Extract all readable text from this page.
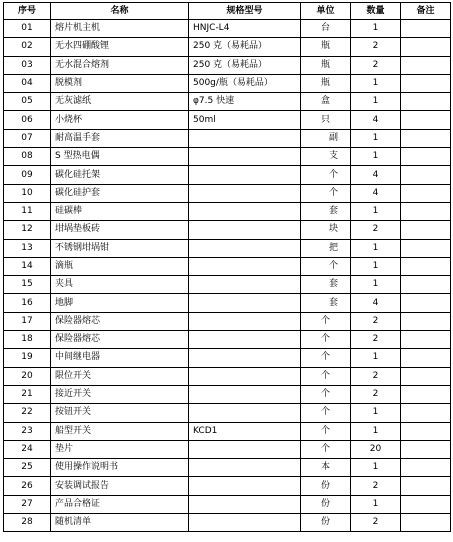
序号	名称	规格型号	单位	数量	备注
01	熔片机主机	HNJC-L4	台	1	
02	无水四硼酸锂	250 克（易耗品）	瓶	2	
03	无水混合熔剂	250 克（易耗品）	瓶	2	
04	脱模剂	500g/瓶（易耗品）	瓶	1	
05	无灰滤纸	φ7.5 快速	盒	1	
06	小烧杯	50ml	只	4	
07	耐高温手套		副	1	
08	S 型热电偶		支	1	
09	碳化硅托架		个	4	
10	碳化硅护套		个	4	
11	硅碳棒		套	1	
12	坩埚垫板砖		块	2	
13	不锈钢坩埚钳		把	1	
14	滴瓶		个	1	
15	夹具		套	1	
16	地脚		套	4	
17	保险器熔芯		个	2	
18	保险器熔芯		个	2	
19	中间继电器		个	1	
20	限位开关		个	2	
21	接近开关		个	2	
22	按钮开关		个	1	
23	船型开关	KCD1	个	1	
24	垫片		个	20	
25	使用操作说明书		本	1	
26	安装调试报告		份	2	
27	产品合格证		份	1	
28	随机清单		份	2	
